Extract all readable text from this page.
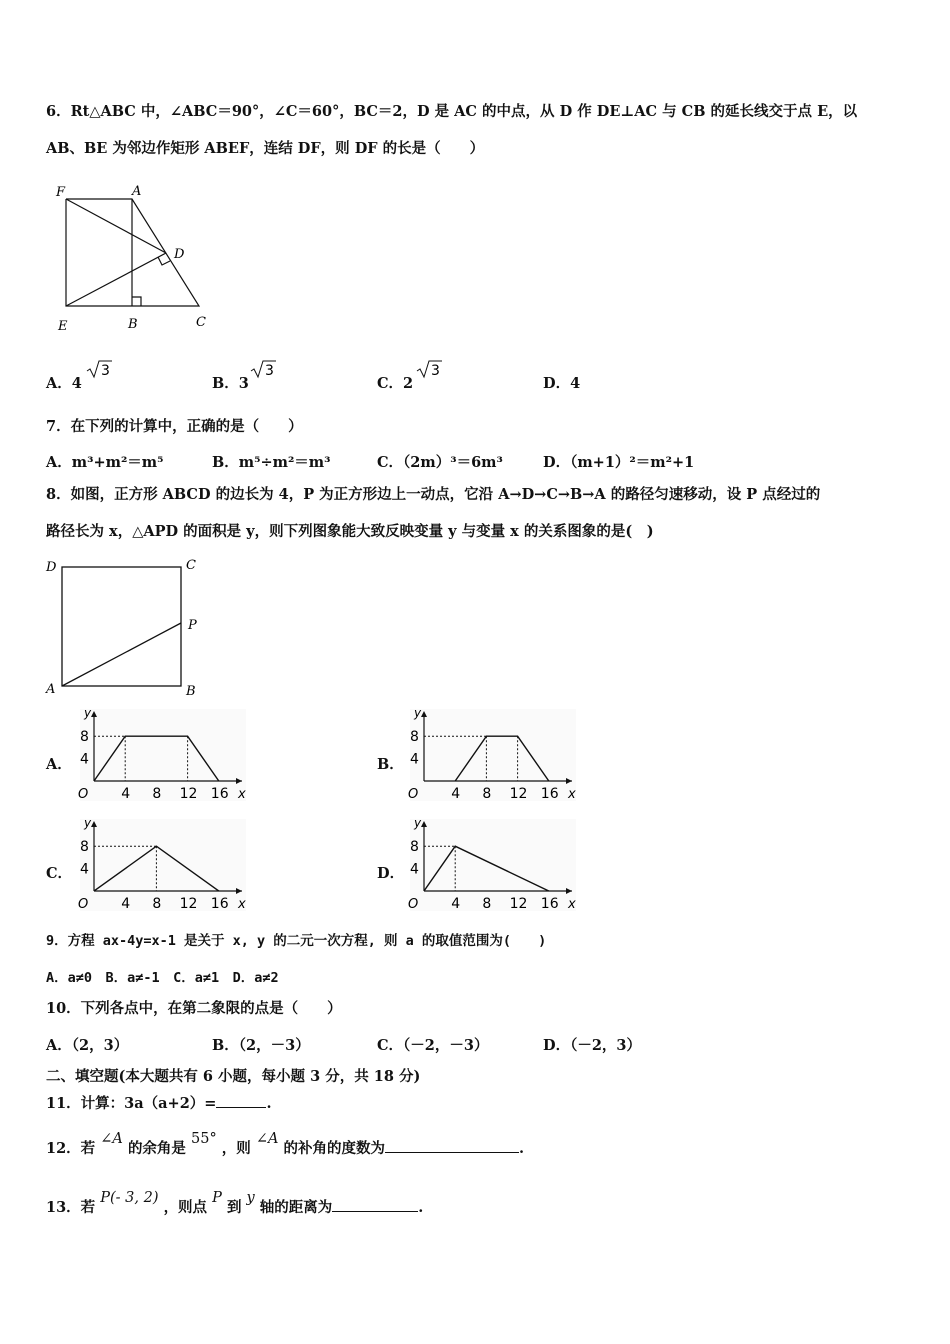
6．Rt△ABC 中，∠ABC＝90°，∠C＝60°，BC＝2，D 是 AC 的中点，从 D 作 DE⊥AC 与 CB 的延长线交于点 E，以
AB、BE 为邻边作矩形 ABEF，连结 DF，则 DF 的长是（　　）
F	A
D
E	B	C
A．4
3
B．3
3
C．2
3
D．4
7．在下列的计算中，正确的是（　　）
A．m³+m²＝m⁵	B．m⁵÷m²＝m³	C．（2m）³＝6m³	D．（m+1）²＝m²+1
8．如图，正方形 ABCD 的边长为 4，P 为正方形边上一动点，它沿 A→D→C→B→A 的路径匀速移动，设 P 点经过的
路径长为 x，△APD 的面积是 y，则下列图象能大致反映变量 y 与变量 x 的关系图象的是(　)
D	C
P
A	B
A．	B．
C．	D．
y
x
O
8
4
4 8 12 16
y
x
O
8
4
4 8 12 16
y
x
O
8
4
4 8 12 16
y
x
O
8
4
4 8 12 16
9．方程 ax-4y=x-1 是关于 x, y 的二元一次方程, 则 a 的取值范围为(　　)
A．a≠0　B．a≠-1　C．a≠1　D．a≠2
10．下列各点中，在第二象限的点是（　　）
A．（2，3）	B．（2，－3）	C．（－2，－3）	D．（－2，3）
二、填空题(本大题共有 6 小题，每小题 3 分，共 18 分)
11．计算：3a（a+2）=	.
12．若 ∠A 的余角是 55° ，则 ∠A 的补角的度数为	.
13．若 P(- 3, 2) ，则点 P 到 y 轴的距离为	.
